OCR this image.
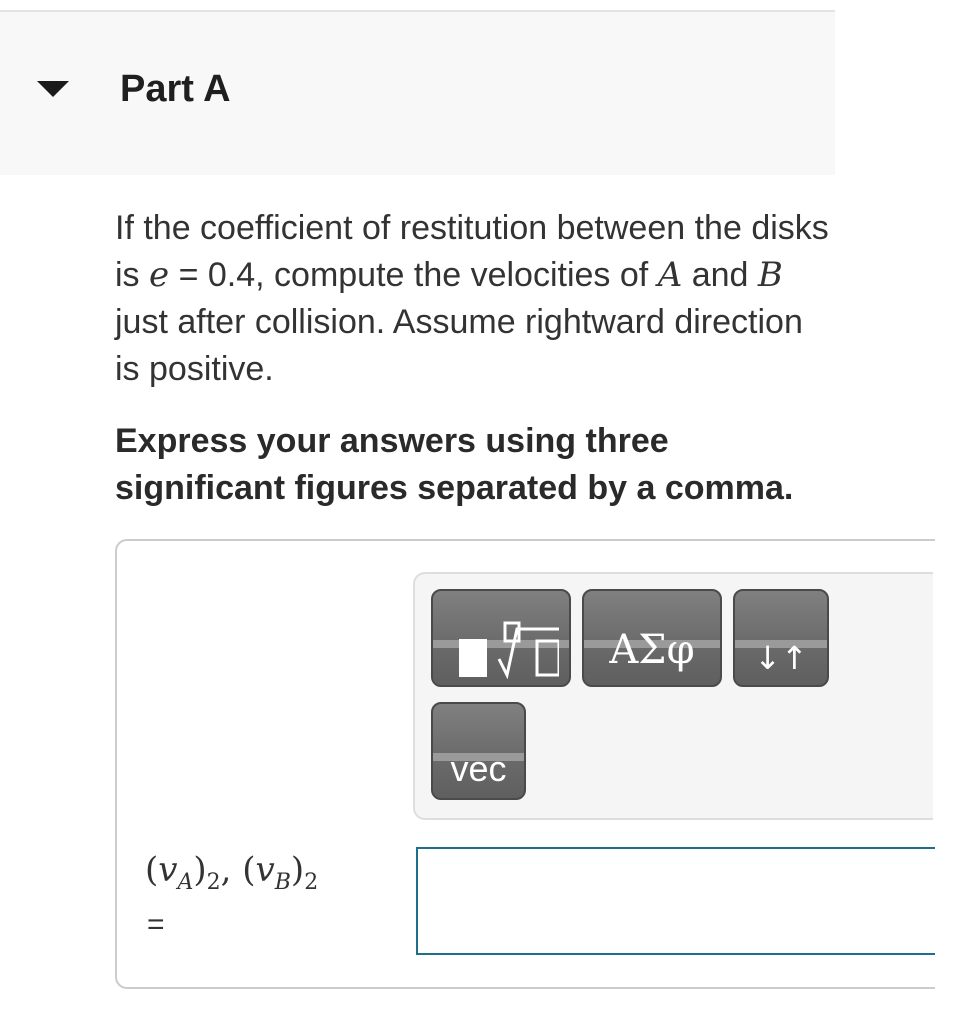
Part A
If the coefficient of restitution between the disks is e = 0.4, compute the velocities of A and B just after collision. Assume rightward direction is positive.
Express your answers using three significant figures separated by a comma.
ΑΣφ	↓↑
vec
$(v_A)_2$, $(v_B)_2$
=
